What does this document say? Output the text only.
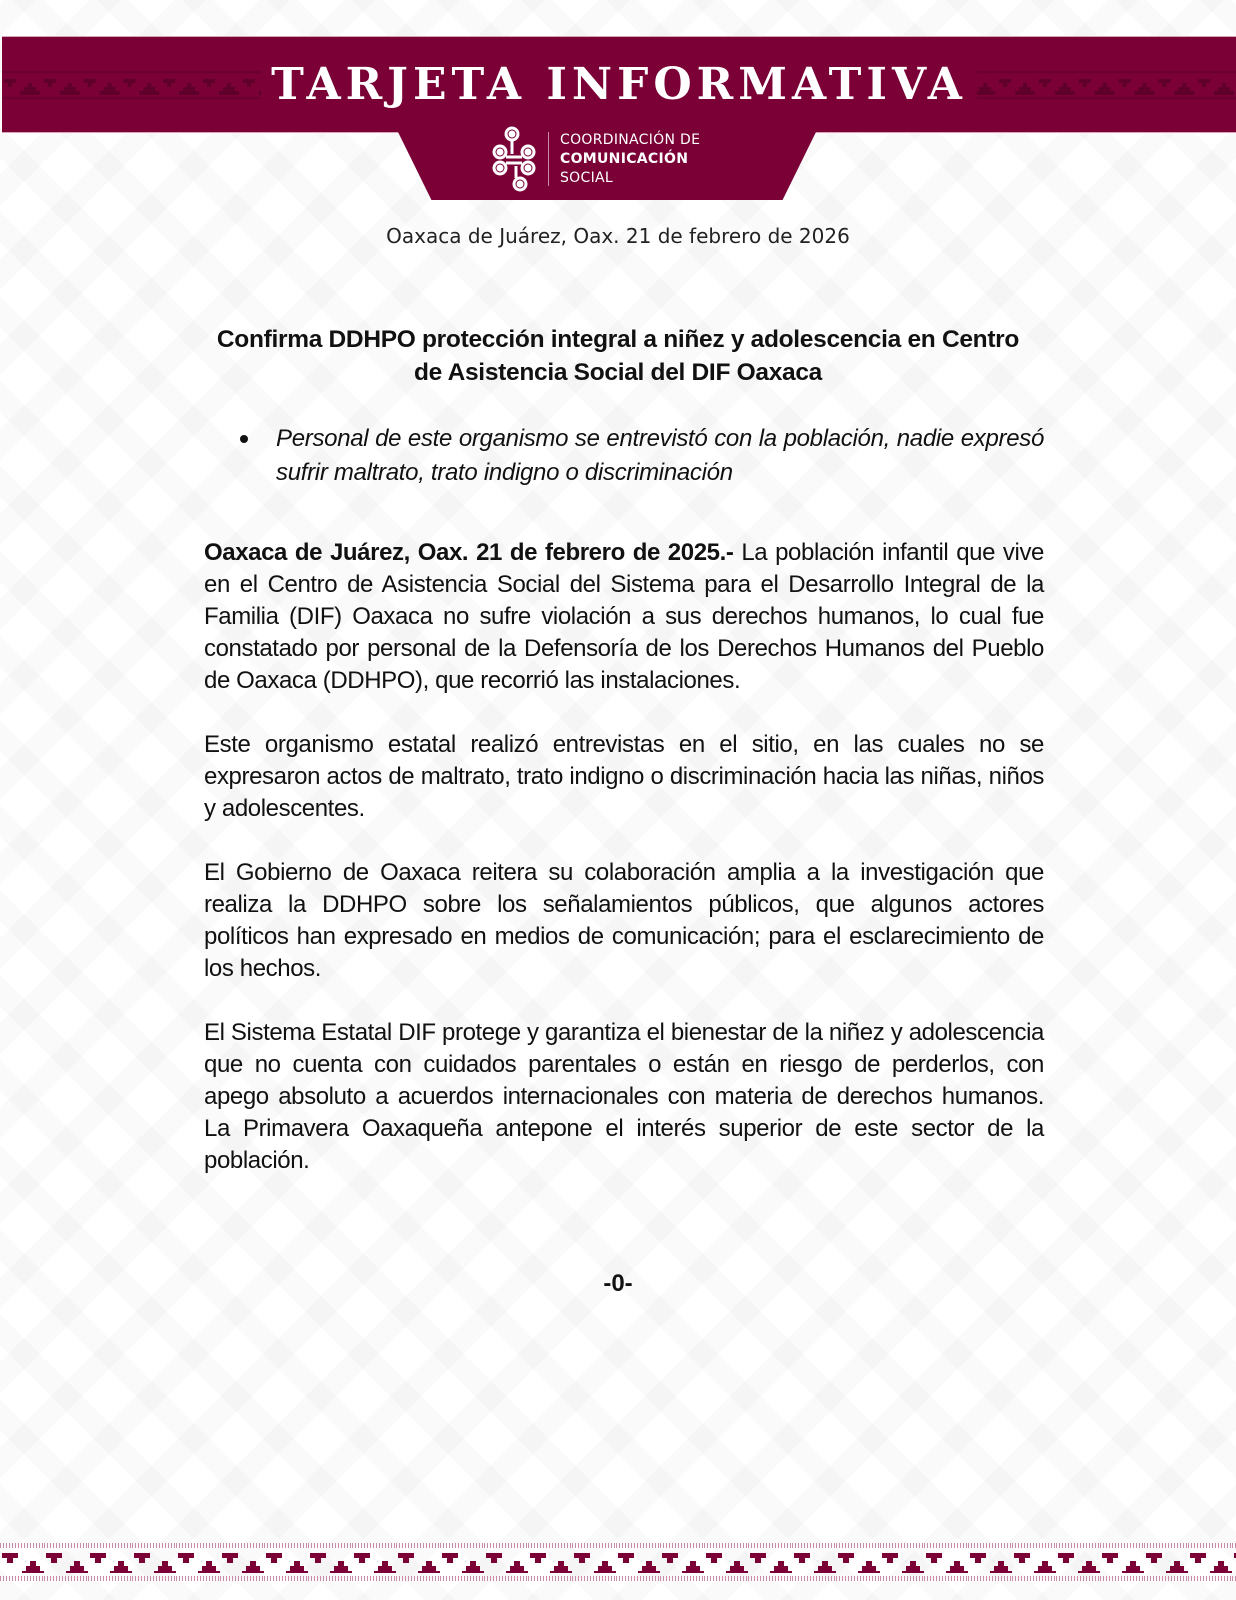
TARJETA INFORMATIVA
COORDINACIÓN DE
COMUNICACIÓN
SOCIAL
Oaxaca de Juárez, Oax. 21 de febrero de 2026
Confirma DDHPO protección integral a niñez y adolescencia en Centro de Asistencia Social del DIF Oaxaca
Personal de este organismo se entrevistó con la población, nadie expresó sufrir maltrato, trato indigno o discriminación

Oaxaca de Juárez, Oax. 21 de febrero de 2025.- La población infantil que vive en el Centro de Asistencia Social del Sistema para el Desarrollo Integral de la Familia (DIF) Oaxaca no sufre violación a sus derechos humanos, lo cual fue constatado por personal de la Defensoría de los Derechos Humanos del Pueblo de Oaxaca (DDHPO), que recorrió las instalaciones.

Este organismo estatal realizó entrevistas en el sitio, en las cuales no se expresaron actos de maltrato, trato indigno o discriminación hacia las niñas, niños y adolescentes.

El Gobierno de Oaxaca reitera su colaboración amplia a la investigación que realiza la DDHPO sobre los señalamientos públicos, que algunos actores políticos han expresado en medios de comunicación; para el esclarecimiento de los hechos.

El Sistema Estatal DIF protege y garantiza el bienestar de la niñez y adolescencia que no cuenta con cuidados parentales o están en riesgo de perderlos, con apego absoluto a acuerdos internacionales con materia de derechos humanos. La Primavera Oaxaqueña antepone el interés superior de este sector de la población.

-0-
